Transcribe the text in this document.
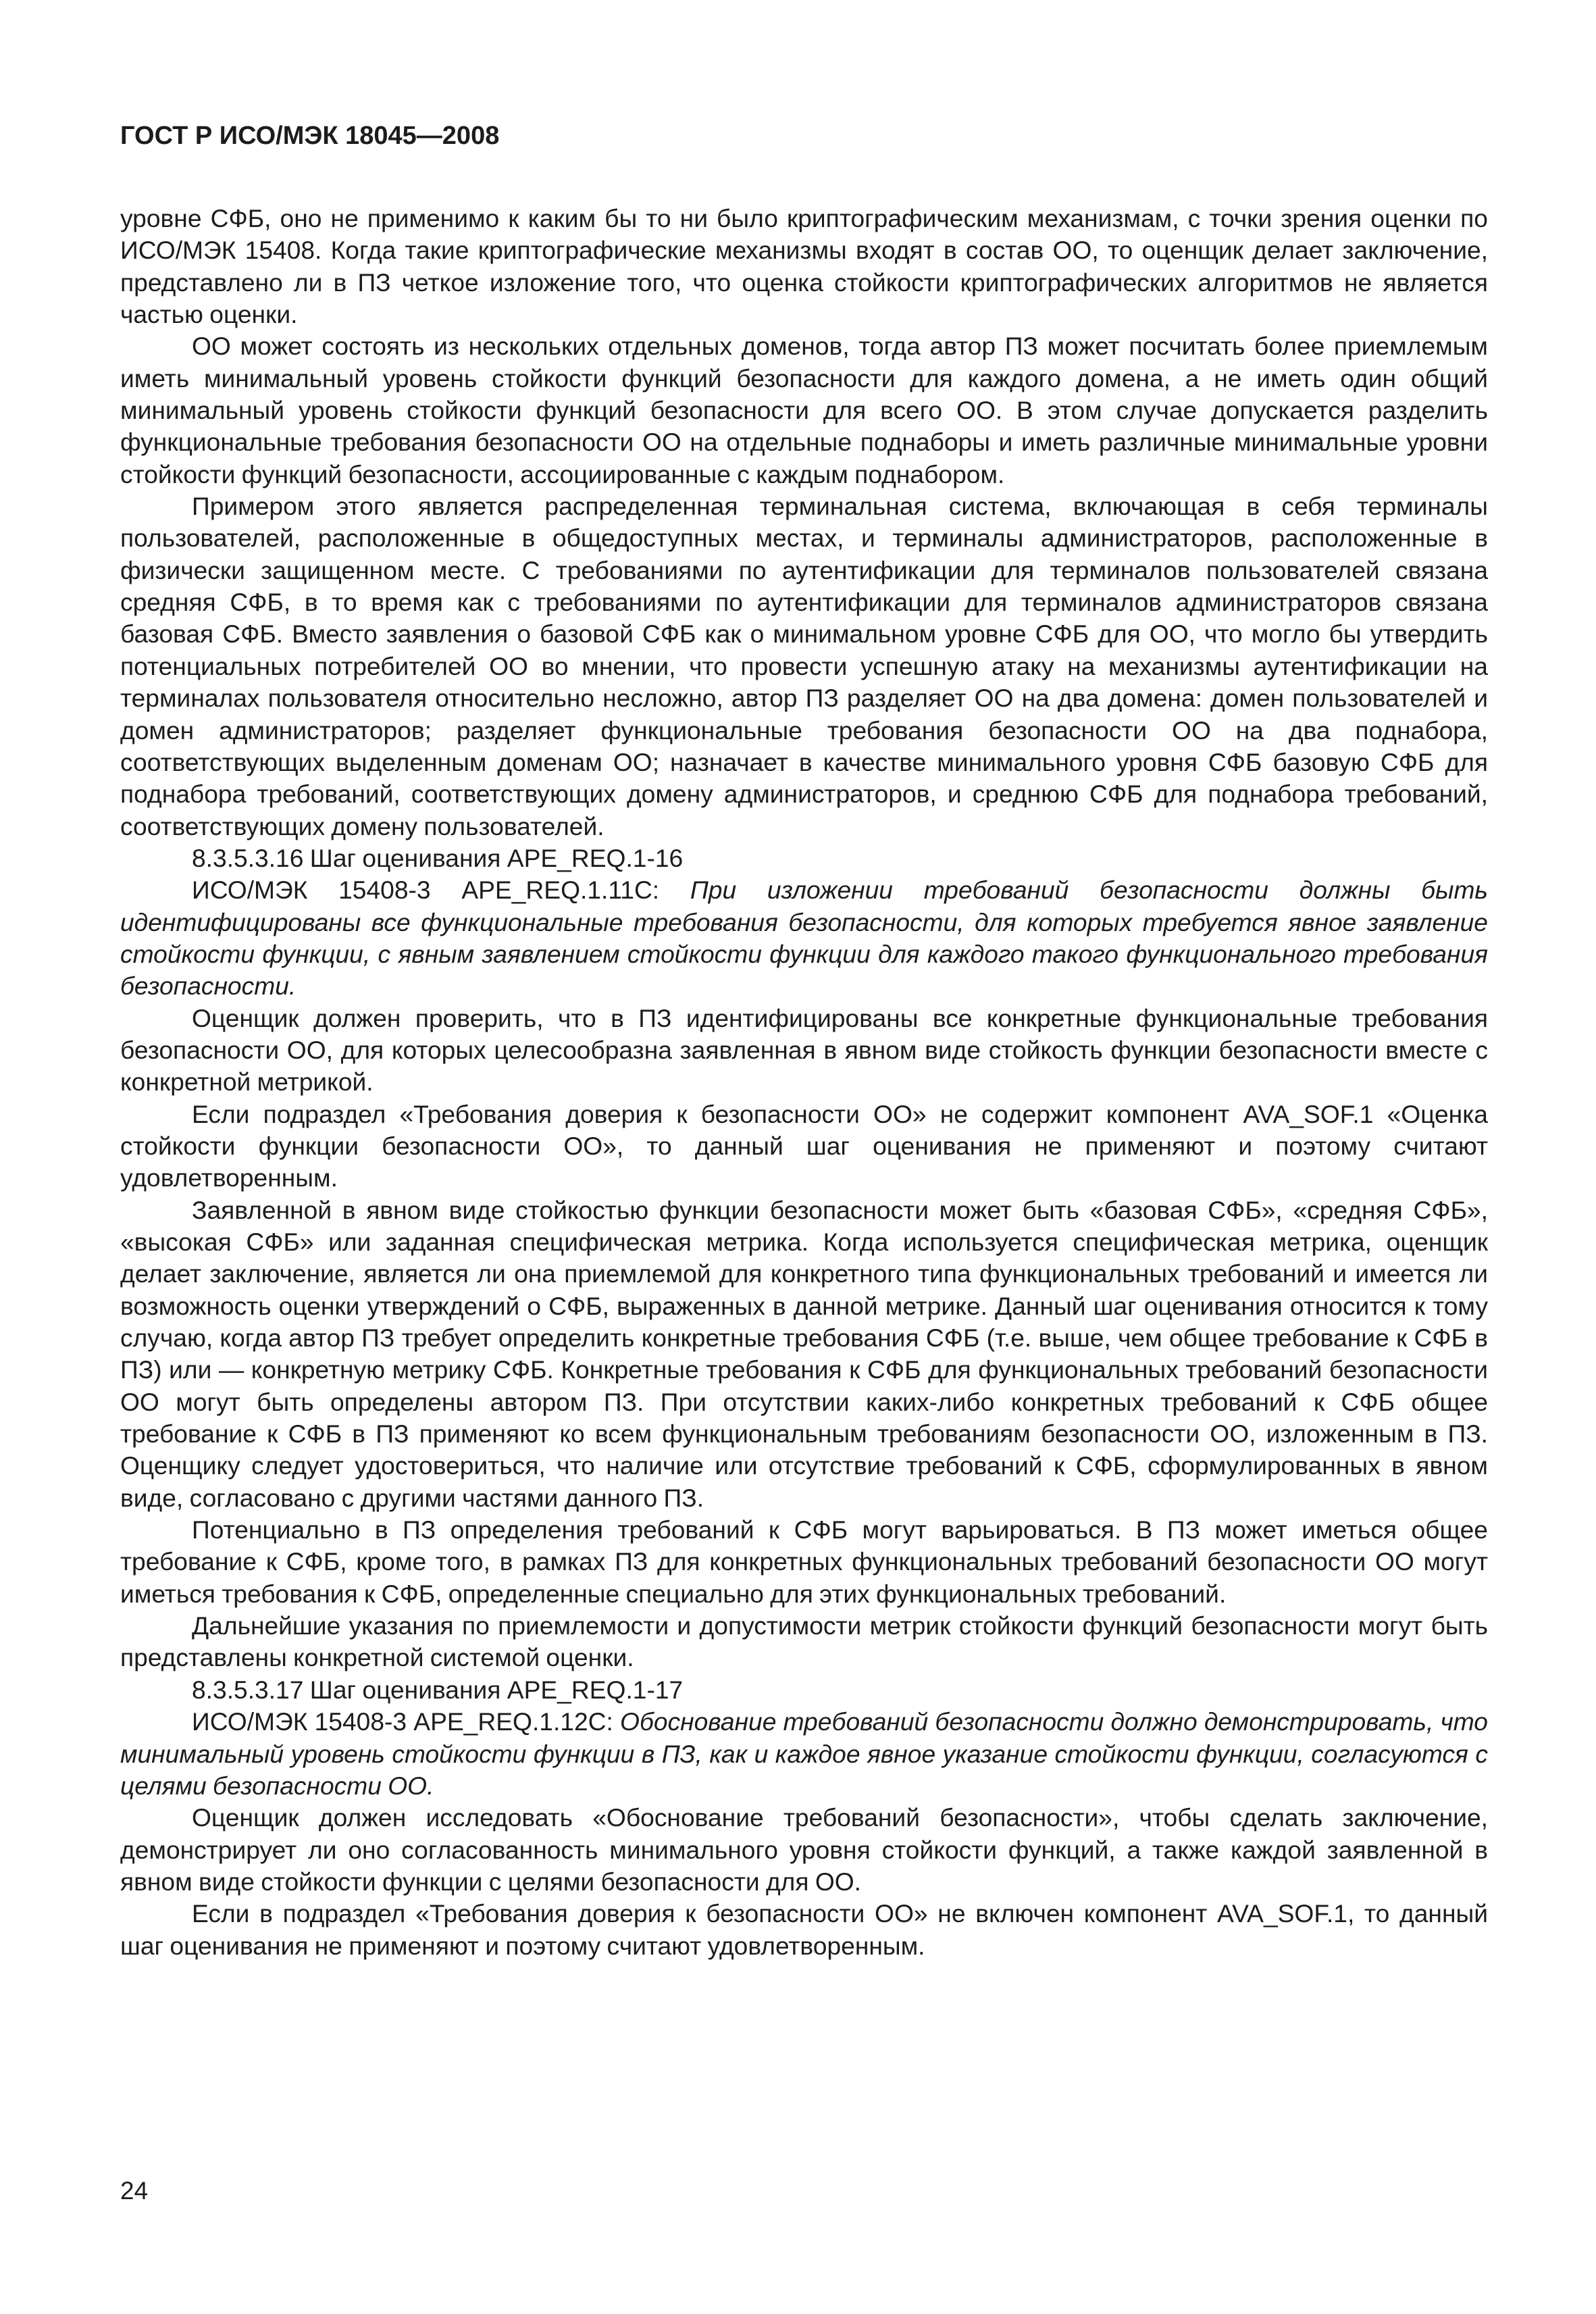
ГОСТ Р ИСО/МЭК 18045—2008

уровне СФБ, оно не применимо к каким бы то ни было криптографическим механизмам, с точки зрения оценки по ИСО/МЭК 15408. Когда такие криптографические механизмы входят в состав ОО, то оценщик делает заключение, представлено ли в ПЗ четкое изложение того, что оценка стойкости криптографических алгоритмов не является частью оценки.

ОО может состоять из нескольких отдельных доменов, тогда автор ПЗ может посчитать более приемлемым иметь минимальный уровень стойкости функций безопасности для каждого домена, а не иметь один общий минимальный уровень стойкости функций безопасности для всего ОО. В этом случае допускается разделить функциональные требования безопасности ОО на отдельные поднаборы и иметь различные минимальные уровни стойкости функций безопасности, ассоциированные с каждым поднабором.

Примером этого является распределенная терминальная система, включающая в себя терминалы пользователей, расположенные в общедоступных местах, и терминалы администраторов, расположенные в физически защищенном месте. С требованиями по аутентификации для терминалов пользователей связана средняя СФБ, в то время как с требованиями по аутентификации для терминалов администраторов связана базовая СФБ. Вместо заявления о базовой СФБ как о минимальном уровне СФБ для ОО, что могло бы утвердить потенциальных потребителей ОО во мнении, что провести успешную атаку на механизмы аутентификации на терминалах пользователя относительно несложно, автор ПЗ разделяет ОО на два домена: домен пользователей и домен администраторов; разделяет функциональные требования безопасности ОО на два поднабора, соответствующих выделенным доменам ОО; назначает в качестве минимального уровня СФБ базовую СФБ для поднабора требований, соответствующих домену администраторов, и среднюю СФБ для поднабора требований, соответствующих домену пользователей.

8.3.5.3.16 Шаг оценивания APE_REQ.1-16

ИСО/МЭК 15408-3 APE_REQ.1.11C: При изложении требований безопасности должны быть идентифицированы все функциональные требования безопасности, для которых требуется явное заявление стойкости функции, с явным заявлением стойкости функции для каждого такого функционального требования безопасности.

Оценщик должен проверить, что в ПЗ идентифицированы все конкретные функциональные требования безопасности ОО, для которых целесообразна заявленная в явном виде стойкость функции безопасности вместе с конкретной метрикой.

Если подраздел «Требования доверия к безопасности ОО» не содержит компонент AVA_SOF.1 «Оценка стойкости функции безопасности ОО», то данный шаг оценивания не применяют и поэтому считают удовлетворенным.

Заявленной в явном виде стойкостью функции безопасности может быть «базовая СФБ», «средняя СФБ», «высокая СФБ» или заданная специфическая метрика. Когда используется специфическая метрика, оценщик делает заключение, является ли она приемлемой для конкретного типа функциональных требований и имеется ли возможность оценки утверждений о СФБ, выраженных в данной метрике. Данный шаг оценивания относится к тому случаю, когда автор ПЗ требует определить конкретные требования СФБ (т.е. выше, чем общее требование к СФБ в ПЗ) или — конкретную метрику СФБ. Конкретные требования к СФБ для функциональных требований безопасности ОО могут быть определены автором ПЗ. При отсутствии каких-либо конкретных требований к СФБ общее требование к СФБ в ПЗ применяют ко всем функциональным требованиям безопасности ОО, изложенным в ПЗ. Оценщику следует удостовериться, что наличие или отсутствие требований к СФБ, сформулированных в явном виде, согласовано с другими частями данного ПЗ.

Потенциально в ПЗ определения требований к СФБ могут варьироваться. В ПЗ может иметься общее требование к СФБ, кроме того, в рамках ПЗ для конкретных функциональных требований безопасности ОО могут иметься требования к СФБ, определенные специально для этих функциональных требований.

Дальнейшие указания по приемлемости и допустимости метрик стойкости функций безопасности могут быть представлены конкретной системой оценки.

8.3.5.3.17 Шаг оценивания APE_REQ.1-17

ИСО/МЭК 15408-3 APE_REQ.1.12C: Обоснование требований безопасности должно демонстрировать, что минимальный уровень стойкости функции в ПЗ, как и каждое явное указание стойкости функции, согласуются с целями безопасности ОО.

Оценщик должен исследовать «Обоснование требований безопасности», чтобы сделать заключение, демонстрирует ли оно согласованность минимального уровня стойкости функций, а также каждой заявленной в явном виде стойкости функции с целями безопасности для ОО.

Если в подраздел «Требования доверия к безопасности ОО» не включен компонент AVA_SOF.1, то данный шаг оценивания не применяют и поэтому считают удовлетворенным.

24
